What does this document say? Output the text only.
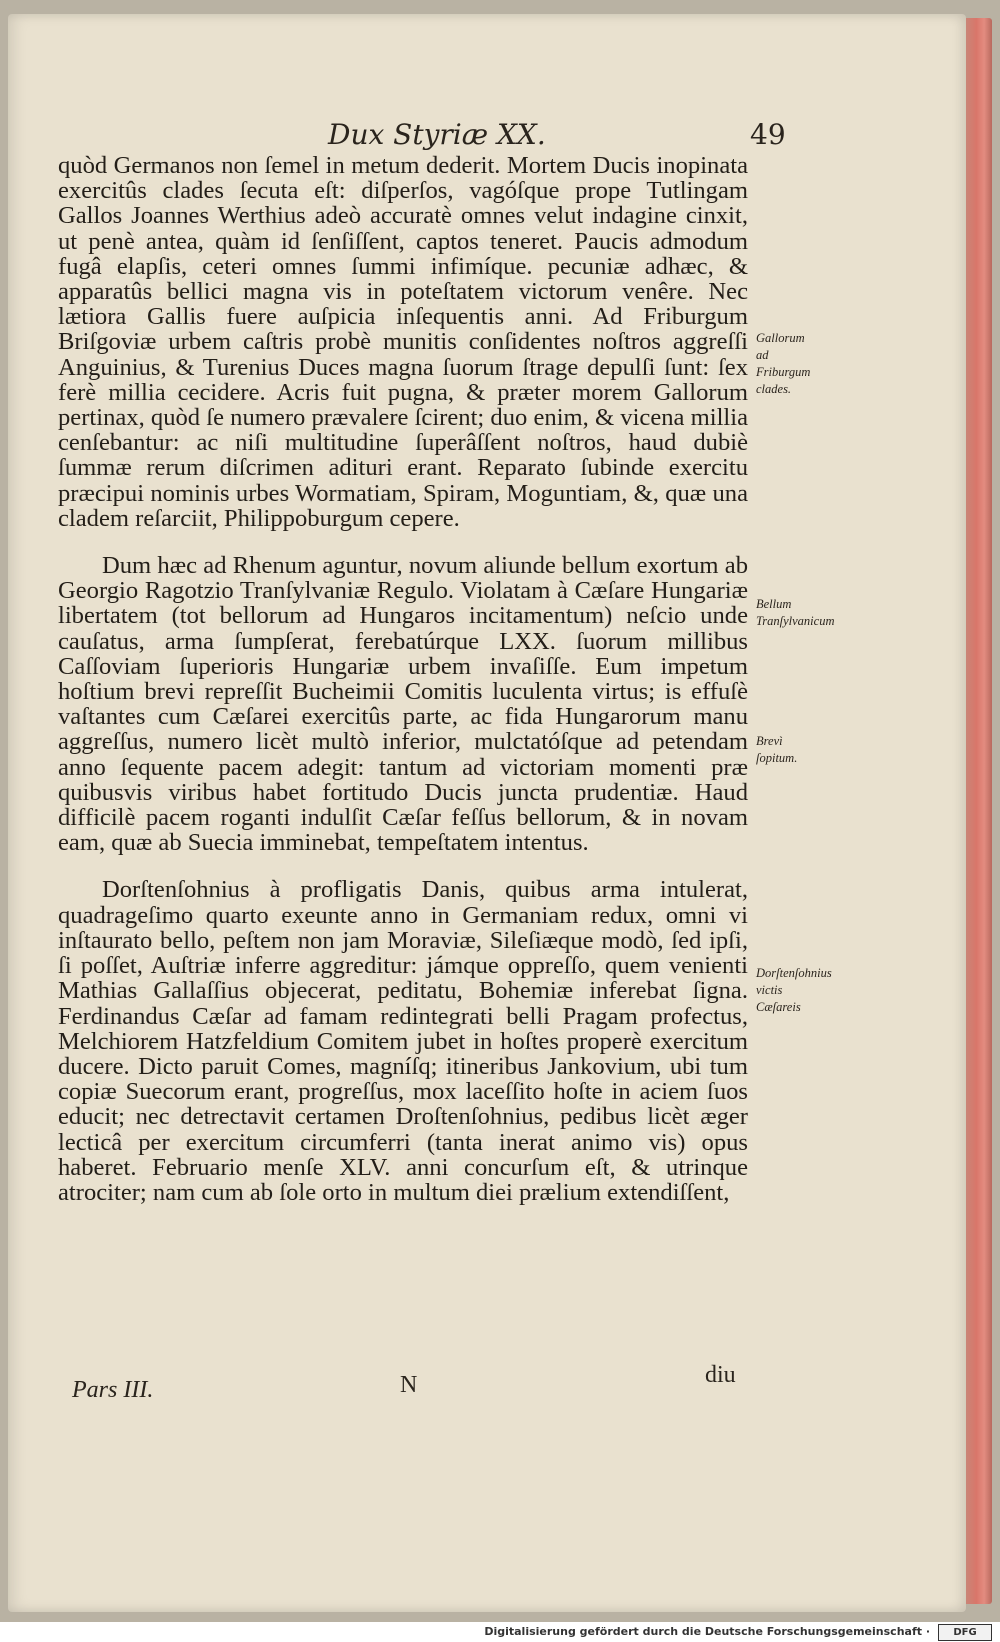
Dux Styriæ XX.	49

quòd Germanos non ſemel in metum dederit. Mortem Ducis inopinata exercitûs clades ſecuta eſt: diſperſos, vagóſque prope Tutlingam Gallos Joannes Werthius adeò accuratè omnes velut indagine cinxit, ut penè antea, quàm id ſenſiſſent, captos teneret. Paucis admodum fugâ elapſis, ceteri omnes ſummi infimíque. pecuniæ adhæc, & apparatûs bellici magna vis in poteſtatem victorum venêre. Nec lætiora Gallis fuere auſpicia inſequentis anni. Ad Friburgum Briſgoviæ urbem caſtris probè munitis conſidentes noſtros aggreſſi Anguinius, & Turenius Duces magna ſuorum ſtrage depulſi ſunt: ſex ferè millia cecidere. Acris fuit pugna, & præter morem Gallorum pertinax, quòd ſe numero prævalere ſcirent; duo enim, & vicena millia cenſebantur: ac niſi multitudine ſuperâſſent noſtros, haud dubiè ſummæ rerum diſcrimen adituri erant. Reparato ſubinde exercitu præcipui nominis urbes Wormatiam, Spiram, Moguntiam, &, quæ una cladem reſarciit, Philippoburgum cepere.

Dum hæc ad Rhenum aguntur, novum aliunde bellum exortum ab Georgio Ragotzio Tranſylvaniæ Regulo. Violatam à Cæſare Hungariæ libertatem (tot bellorum ad Hungaros incitamentum) neſcio unde cauſatus, arma ſumpſerat, ferebatúrque LXX. ſuorum millibus Caſſoviam ſuperioris Hungariæ urbem invaſiſſe. Eum impetum hoſtium brevi repreſſit Bucheimii Comitis luculenta virtus; is effuſè vaſtantes cum Cæſarei exercitûs parte, ac fida Hungarorum manu aggreſſus, numero licèt multò inferior, mulctatóſque ad petendam anno ſequente pacem adegit: tantum ad victoriam momenti præ quibusvis viribus habet fortitudo Ducis juncta prudentiæ. Haud difficilè pacem roganti indulſit Cæſar feſſus bellorum, & in novam eam, quæ ab Suecia imminebat, tempeſtatem intentus.

Dorſtenſohnius à profligatis Danis, quibus arma intulerat, quadrageſimo quarto exeunte anno in Germaniam redux, omni vi inſtaurato bello, peſtem non jam Moraviæ, Sileſiæque modò, ſed ipſi, ſi poſſet, Auſtriæ inferre aggreditur: jámque oppreſſo, quem venienti Mathias Gallaſſius objecerat, peditatu, Bohemiæ inferebat ſigna. Ferdinandus Cæſar ad famam redintegrati belli Pragam profectus, Melchiorem Hatzfeldium Comitem jubet in hoſtes properè exercitum ducere. Dicto paruit Comes, magníſq; itineribus Jankovium, ubi tum copiæ Suecorum erant, progreſſus, mox laceſſito hoſte in aciem ſuos educit; nec detrectavit certamen Droſtenſohnius, pedibus licèt æger lecticâ per exercitum circumferri (tanta inerat animo vis) opus haberet. Februario menſe XLV. anni concurſum eſt, & utrinque atrociter; nam cum ab ſole orto in multum diei prælium extendiſſent,

Gallorum ad Friburgum clades.
Bellum Tranſylvanicum
Brevì ſopitum.
Dorſtenſohnius victis Cæſareis
Pars III.	N	diu
Digitalisierung gefördert durch die Deutsche Forschungsgemeinschaft ·	DFG
